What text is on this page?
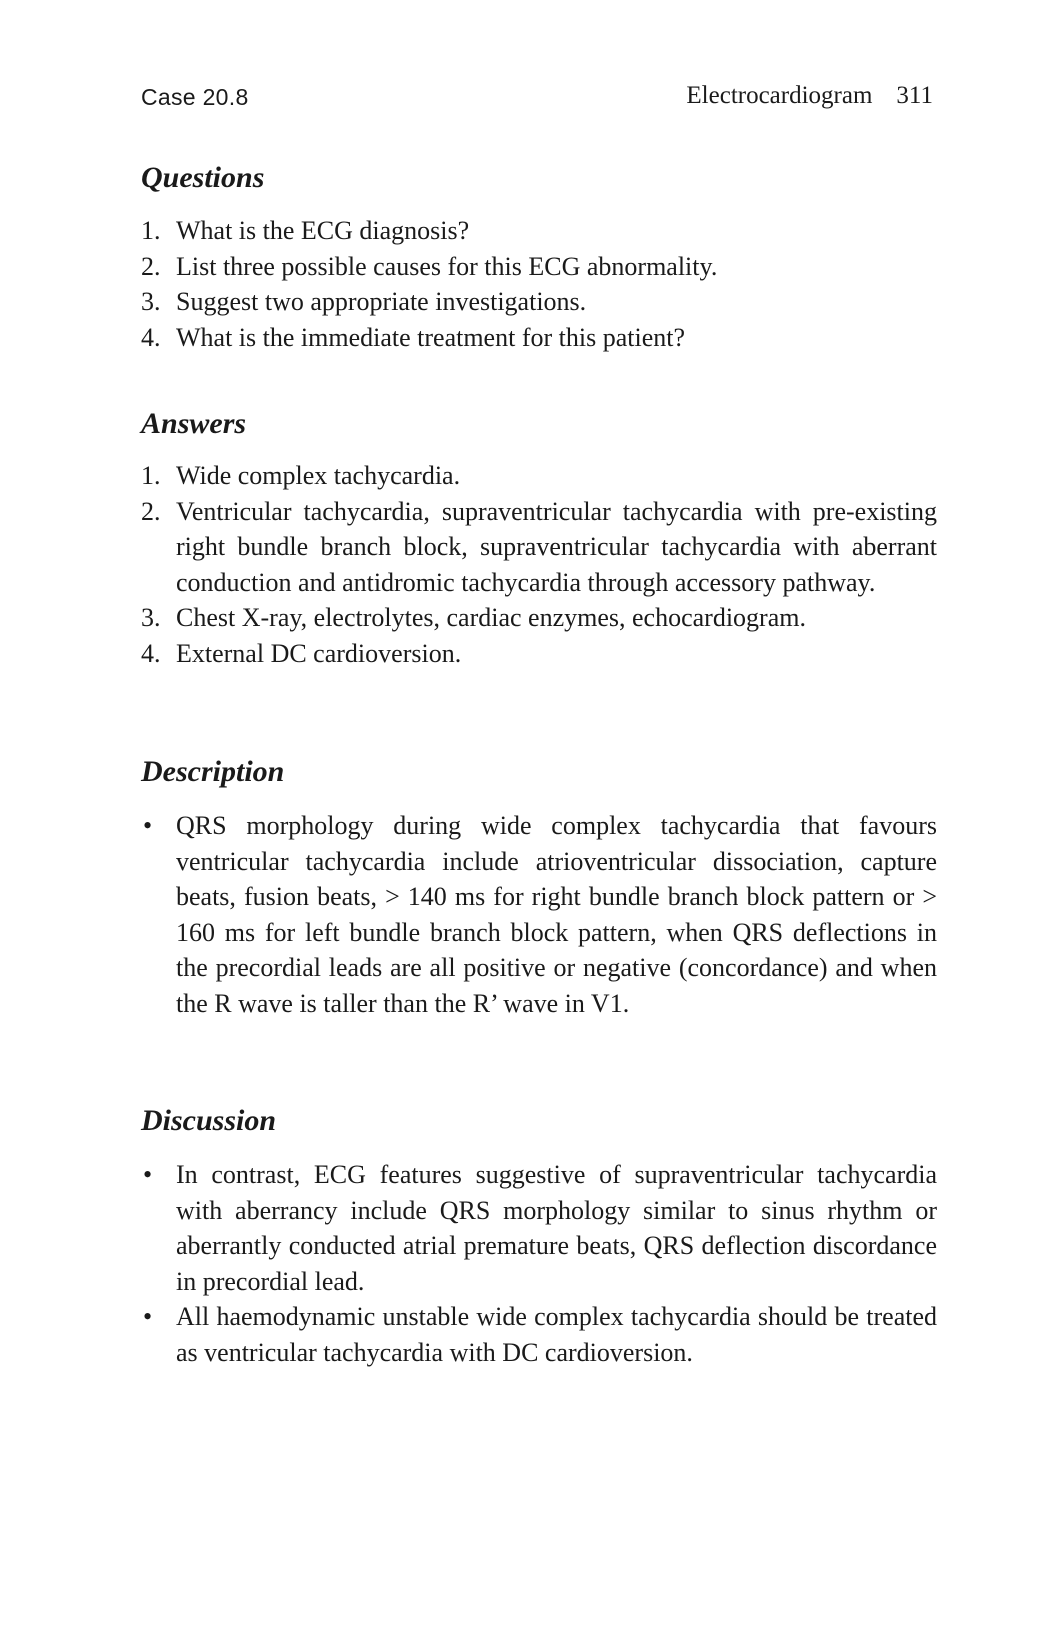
Case 20.8	Electrocardiogram 311
Questions
1. What is the ECG diagnosis?
2. List three possible causes for this ECG abnormality.
3. Suggest two appropriate investigations.
4. What is the immediate treatment for this patient?
Answers
1. Wide complex tachycardia.
2. Ventricular tachycardia, supraventricular tachycardia with pre-existing right bundle branch block, supraventricular tachycardia with aberrant conduction and antidromic tachycardia through accessory pathway.
3. Chest X-ray, electrolytes, cardiac enzymes, echocardiogram.
4. External DC cardioversion.
Description
• QRS morphology during wide complex tachycardia that favours ventricular tachycardia include atrioventricular dissociation, capture beats, fusion beats, > 140 ms for right bundle branch block pattern or > 160 ms for left bundle branch block pattern, when QRS deflections in the precordial leads are all positive or negative (concordance) and when the R wave is taller than the R’ wave in V1.
Discussion
• In contrast, ECG features suggestive of supraventricular tachycardia with aberrancy include QRS morphology similar to sinus rhythm or aberrantly conducted atrial premature beats, QRS deflection discordance in precordial lead.
• All haemodynamic unstable wide complex tachycardia should be treated as ventricular tachycardia with DC cardioversion.
